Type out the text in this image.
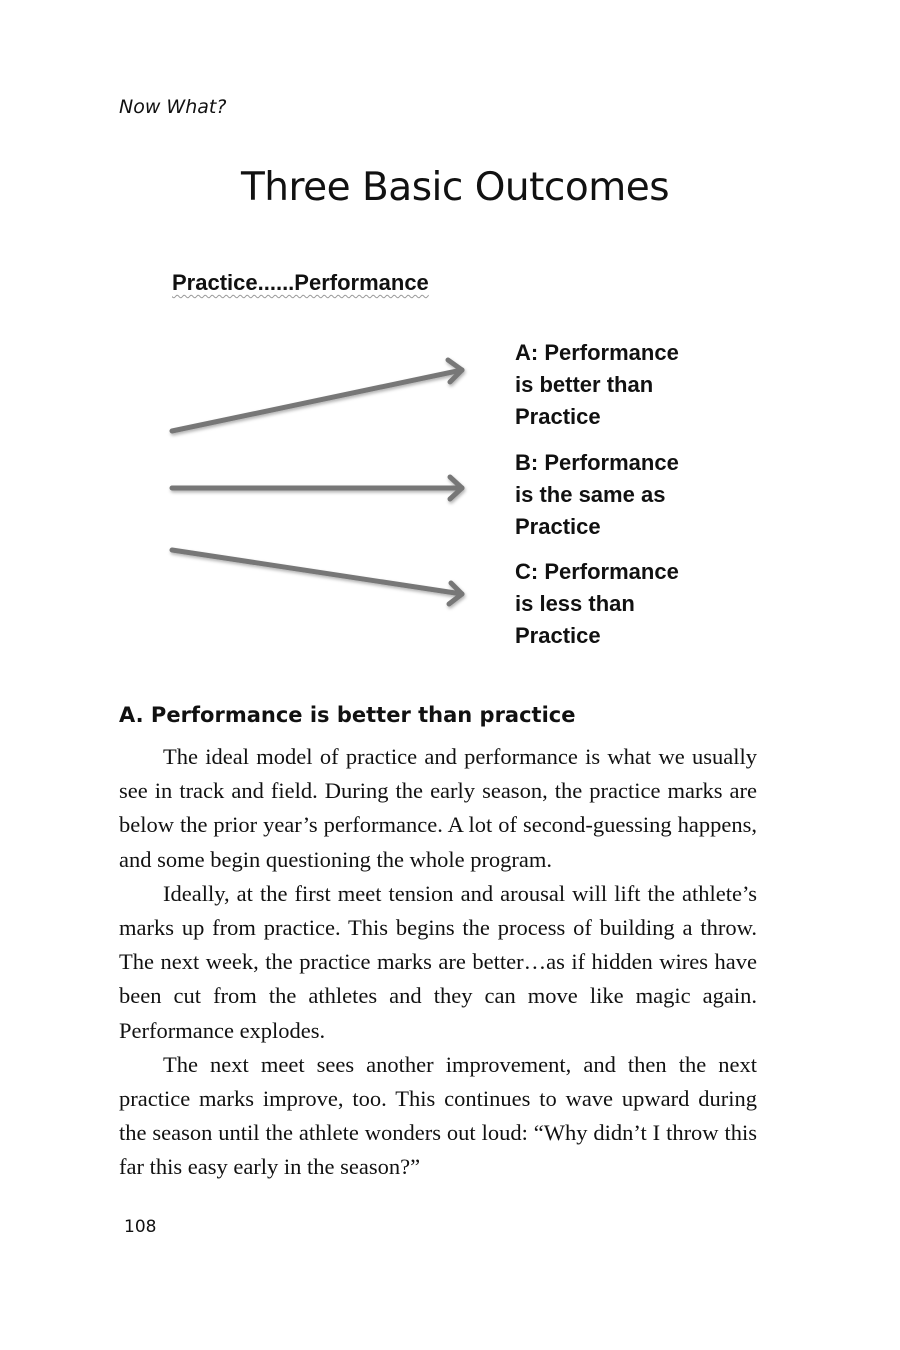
Now What?
Three Basic Outcomes
Practice......Performance
A: Performance
is better than
Practice
B: Performance
is the same as
Practice
C: Performance
is less than
Practice
A. Performance is better than practice

The ideal model of practice and performance is what we usually see in track and field. During the early season, the practice marks are below the prior year’s performance. A lot of second-guessing happens, and some begin questioning the whole program.

Ideally, at the first meet tension and arousal will lift the athlete’s marks up from practice. This begins the process of building a throw. The next week, the practice marks are better…as if hidden wires have been cut from the athletes and they can move like magic again. Performance explodes.

The next meet sees another improvement, and then the next practice marks improve, too. This continues to wave upward during the season until the athlete wonders out loud: “Why didn’t I throw this far this easy early in the season?”

108
